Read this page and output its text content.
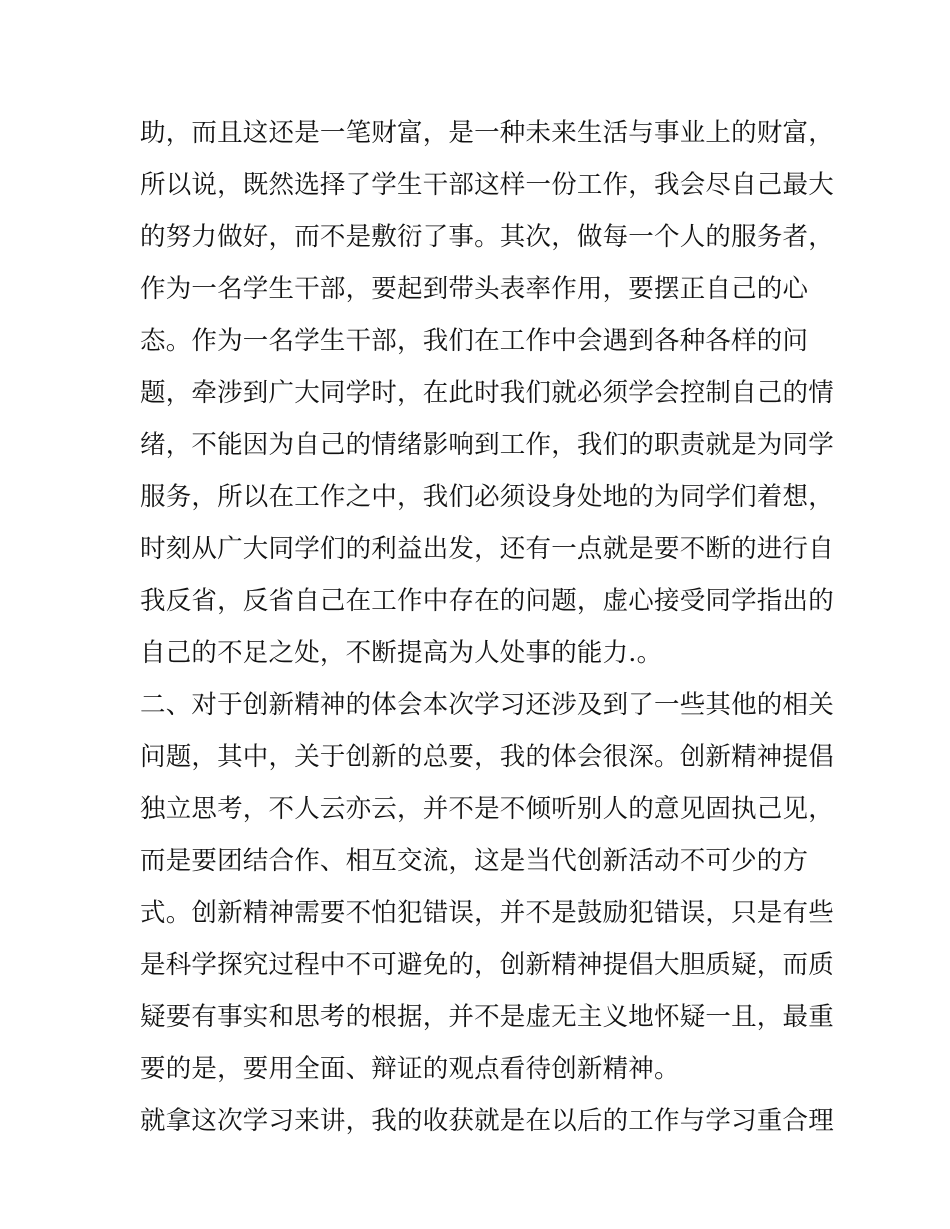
助，而且这还是一笔财富，是一种未来生活与事业上的财富，
所以说，既然选择了学生干部这样一份工作，我会尽自己最大
的努力做好，而不是敷衍了事。其次，做每一个人的服务者，
作为一名学生干部，要起到带头表率作用，要摆正自己的心
态。作为一名学生干部，我们在工作中会遇到各种各样的问
题，牵涉到广大同学时，在此时我们就必须学会控制自己的情
绪，不能因为自己的情绪影响到工作，我们的职责就是为同学
服务，所以在工作之中，我们必须设身处地的为同学们着想，
时刻从广大同学们的利益出发，还有一点就是要不断的进行自
我反省，反省自己在工作中存在的问题，虚心接受同学指出的
自己的不足之处，不断提高为人处事的能力.。
二、对于创新精神的体会本次学习还涉及到了一些其他的相关
问题，其中，关于创新的总要，我的体会很深。创新精神提倡
独立思考，不人云亦云，并不是不倾听别人的意见固执己见，
而是要团结合作、相互交流，这是当代创新活动不可少的方
式。创新精神需要不怕犯错误，并不是鼓励犯错误，只是有些
是科学探究过程中不可避免的，创新精神提倡大胆质疑，而质
疑要有事实和思考的根据，并不是虚无主义地怀疑一且，最重
要的是，要用全面、辩证的观点看待创新精神。
就拿这次学习来讲，我的收获就是在以后的工作与学习重合理
